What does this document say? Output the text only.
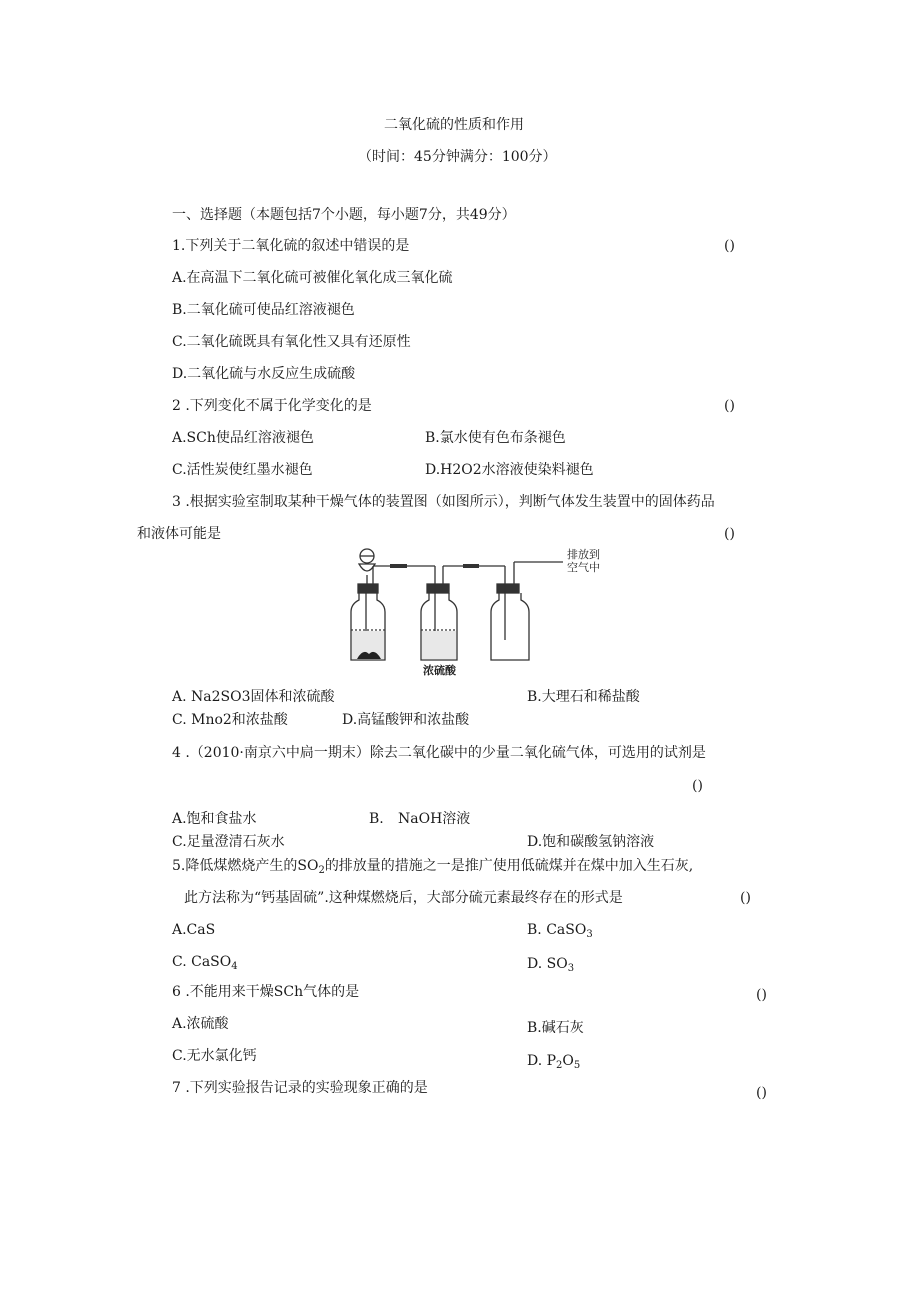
二氧化硫的性质和作用
（时间：45分钟满分：100分）
一、选择题（本题包括7个小题，每小题7分，共49分）
1.下列关于二氧化硫的叙述中错误的是	()
A.在高温下二氧化硫可被催化氧化成三氧化硫
B.二氧化硫可使品红溶液褪色
C.二氧化硫既具有氧化性又具有还原性
D.二氧化硫与水反应生成硫酸
2 .下列变化不属于化学变化的是	()
A.SCh使品红溶液褪色	B.氯水使有色布条褪色
C.活性炭使红墨水褪色	D.H2O2水溶液使染料褪色
3 .根据实验室制取某种干燥气体的装置图（如图所示），判断气体发生装置中的固体药品
和液体可能是	()
排放到
空气中
浓硫酸
A. Na2SO3固体和浓硫酸	B.大理石和稀盐酸
C. Mno2和浓盐酸	D.高锰酸钾和浓盐酸
4 .（2010·南京六中扃一期末）除去二氧化碳中的少量二氧化硫气体，可选用的试剂是
()
A.饱和食盐水	B. NaOH溶液
C.足量澄清石灰水	D.饱和碳酸氢钠溶液
5.降低煤燃烧产生的$SO_2$的排放量的措施之一是推广使用低硫煤并在煤中加入生石灰,
此方法称为“钙基固硫”.这种煤燃烧后，大部分硫元素最终存在的形式是	()
A.CaS	B. CaSO$_3$
C. CaSO$_4$	D. $SO_3$
6 .不能用来干燥SCh气体的是	()
A.浓硫酸	B.碱石灰
C.无水氯化钙	D. $P_2O_5$
7 .下列实验报告记录的实验现象正确的是	()
